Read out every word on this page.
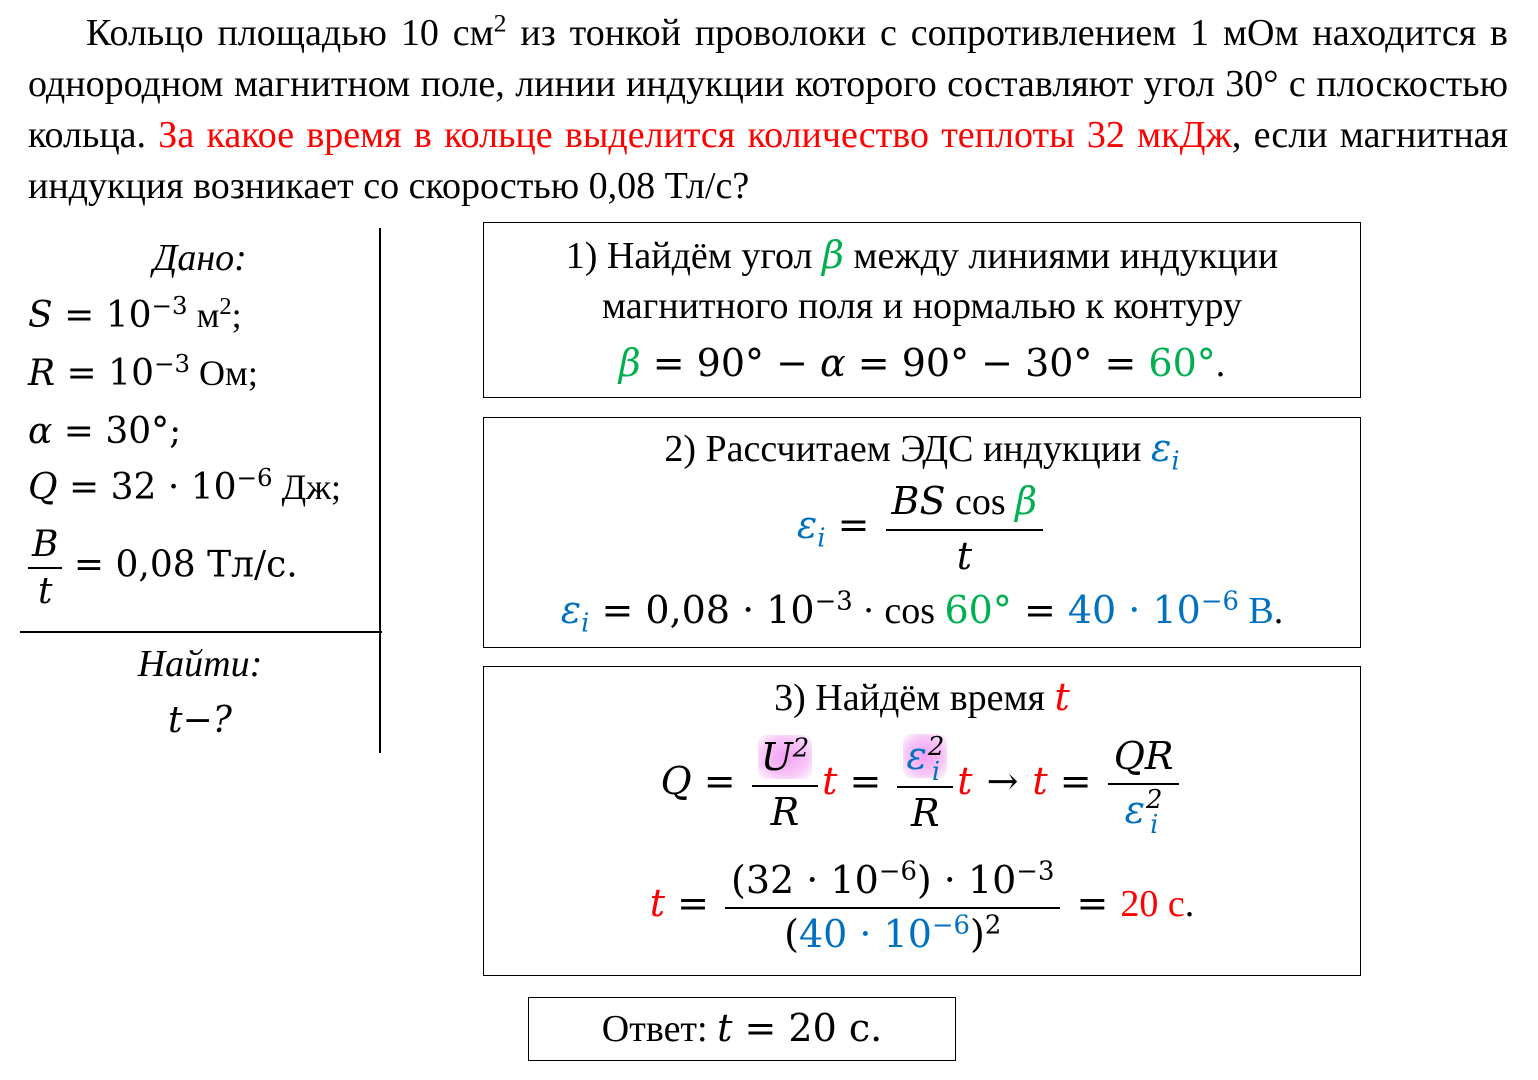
Кольцо площадью 10 $см^2$ из тонкой проволоки с сопротивлением 1 мОм находится в однородном магнитном поле, линии индукции которого составляют угол 30° с плоскостью кольца. За какое время в кольце выделится количество теплоты 32 мкДж, если магнитная индукция возникает со скоростью 0,08 Тл/с?
Дано:
$S = 10^{-3}$ $м^2$;
$R = 10^{-3}$ Ом;
α = 30°;
$Q = 32 \cdot 10^{-6}$ Дж;
$\frac{B}{t} = 0,08$ Тл/с.
Найти:
t−?
1) Найдём угол β между линиями индукции
магнитного поля и нормалью к контуру
β = 90° − α = 90° − 30° = 60°.
2) Рассчитаем ЭДС индукции $\varepsilon_i$
$\varepsilon_i = \frac{\text{BS cos β}}{t}$
$\varepsilon_i = 0,08 \cdot 10^{-3} \cdot \cos 60^\circ = 40 \cdot 10^{-6}$ В.
3) Найдём время t
$Q = \frac{U^2}{R}$ t = ε 2
i
R t → t = QR
ε 2
i
$t = \frac{(32 \cdot 10^{-6}) \cdot 10^{-3}}{(40 \cdot 10^{-6})^2} = 20$ с.
Ответ: t = 20 с.
